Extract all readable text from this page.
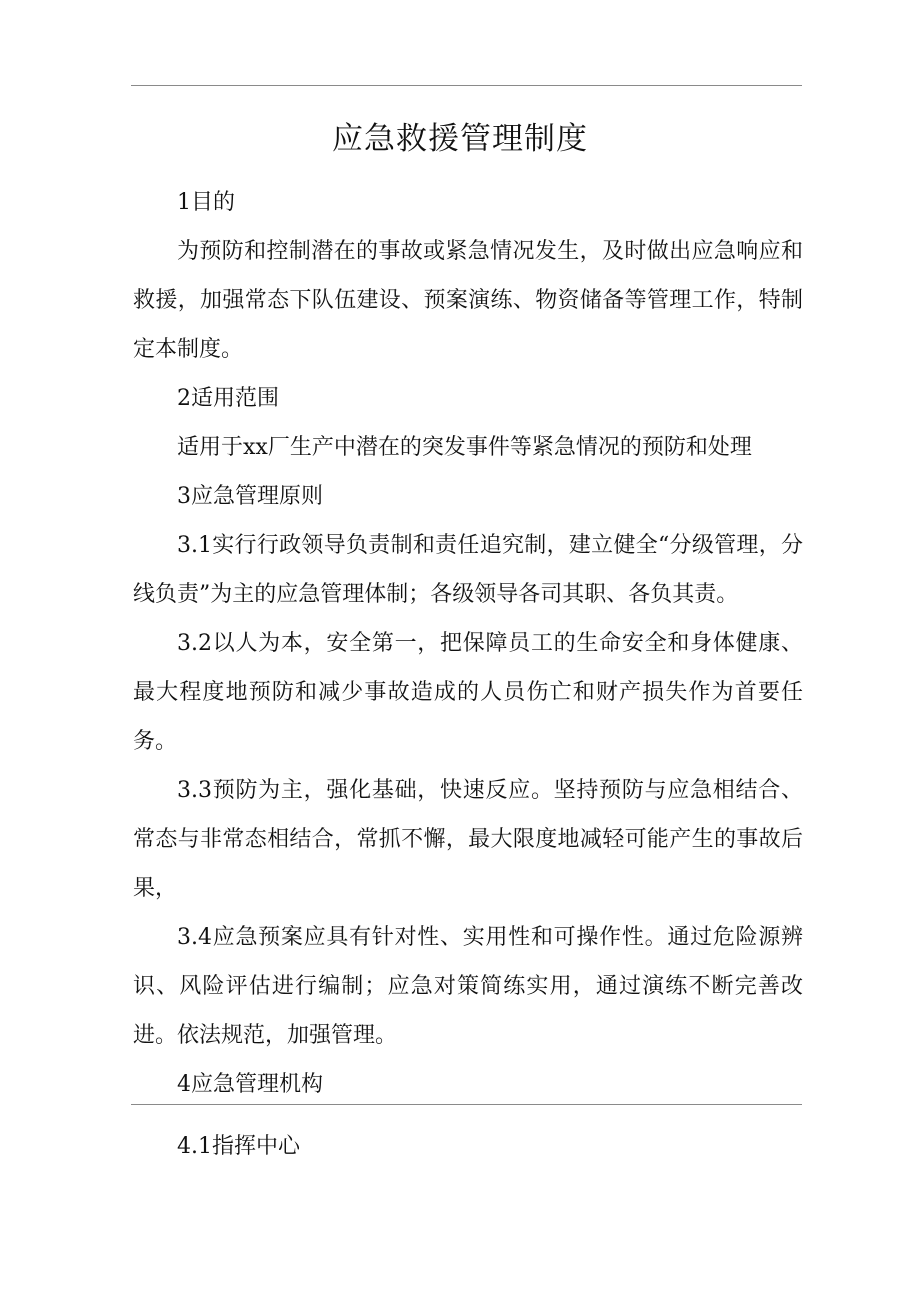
应急救援管理制度

1目的

为预防和控制潜在的事故或紧急情况发生，及时做出应急响应和救援，加强常态下队伍建设、预案演练、物资储备等管理工作，特制定本制度。

2适用范围

适用于xx厂生产中潜在的突发事件等紧急情况的预防和处理

3应急管理原则

3.1实行行政领导负责制和责任追究制，建立健全“分级管理，分线负责”为主的应急管理体制；各级领导各司其职、各负其责。

3.2以人为本，安全第一，把保障员工的生命安全和身体健康、最大程度地预防和减少事故造成的人员伤亡和财产损失作为首要任务。

3.3预防为主，强化基础，快速反应。坚持预防与应急相结合、常态与非常态相结合，常抓不懈，最大限度地减轻可能产生的事故后果，

3.4应急预案应具有针对性、实用性和可操作性。通过危险源辨识、风险评估进行编制；应急对策简练实用，通过演练不断完善改进。依法规范，加强管理。

4应急管理机构

4.1指挥中心
